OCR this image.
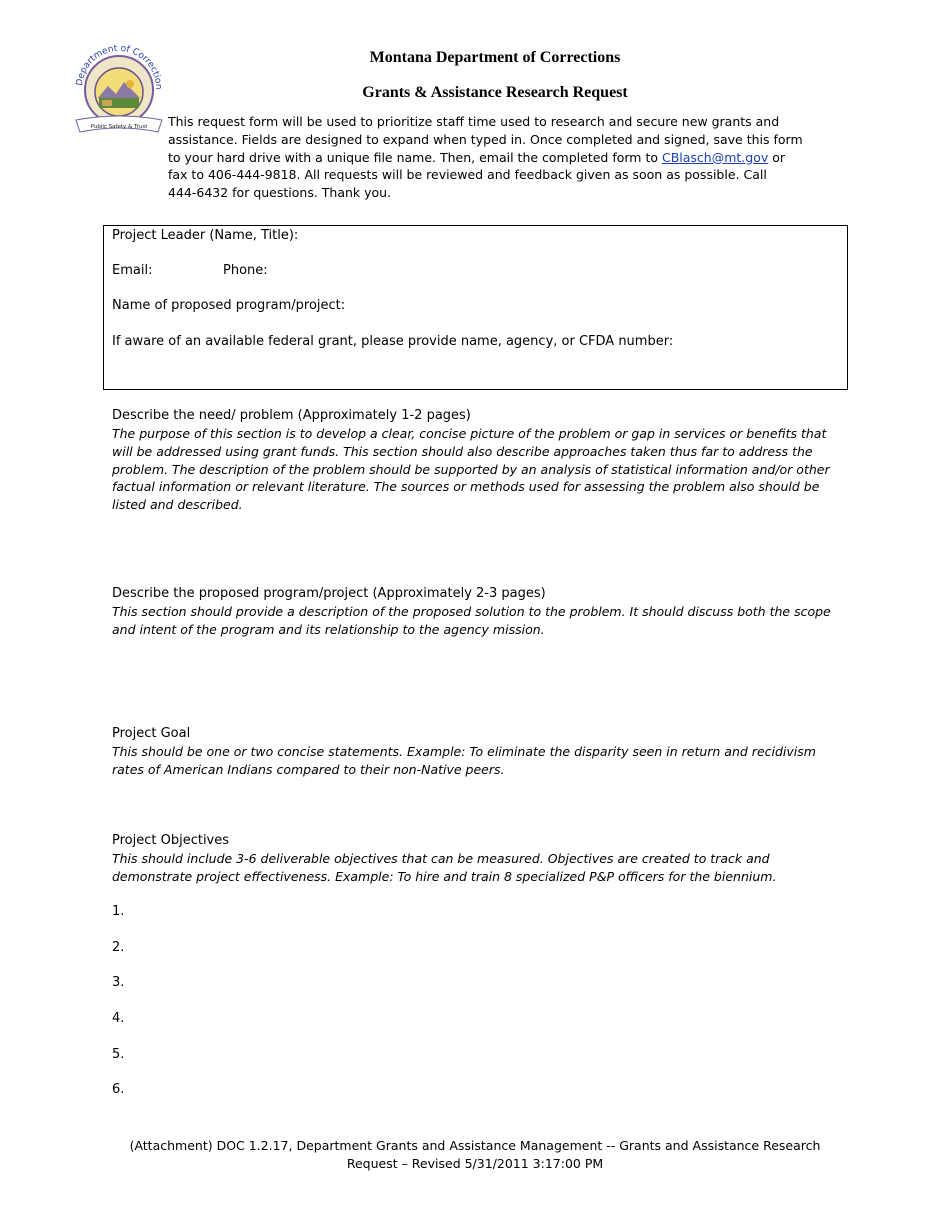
Department of Correction
Public Safety & Trust
Montana Department of Corrections
Grants & Assistance Research Request
This request form will be used to prioritize staff time used to research and secure new grants and
assistance. Fields are designed to expand when typed in. Once completed and signed, save this form
to your hard drive with a unique file name. Then, email the completed form to CBlasch@mt.gov or
fax to 406-444-9818. All requests will be reviewed and feedback given as soon as possible. Call
444-6432 for questions. Thank you.
Project Leader (Name, Title):
Email:	Phone:
Name of proposed program/project:
If aware of an available federal grant, please provide name, agency, or CFDA number:
Describe the need/ problem (Approximately 1-2 pages)
The purpose of this section is to develop a clear, concise picture of the problem or gap in services or benefits that
will be addressed using grant funds. This section should also describe approaches taken thus far to address the
problem. The description of the problem should be supported by an analysis of statistical information and/or other
factual information or relevant literature. The sources or methods used for assessing the problem also should be
listed and described.
Describe the proposed program/project (Approximately 2-3 pages)
This section should provide a description of the proposed solution to the problem. It should discuss both the scope
and intent of the program and its relationship to the agency mission.
Project Goal
This should be one or two concise statements. Example: To eliminate the disparity seen in return and recidivism
rates of American Indians compared to their non-Native peers.
Project Objectives
This should include 3-6 deliverable objectives that can be measured. Objectives are created to track and
demonstrate project effectiveness. Example: To hire and train 8 specialized P&P officers for the biennium.
1.
2.
3.
4.
5.
6.
(Attachment) DOC 1.2.17, Department Grants and Assistance Management -- Grants and Assistance Research
Request – Revised 5/31/2011 3:17:00 PM
